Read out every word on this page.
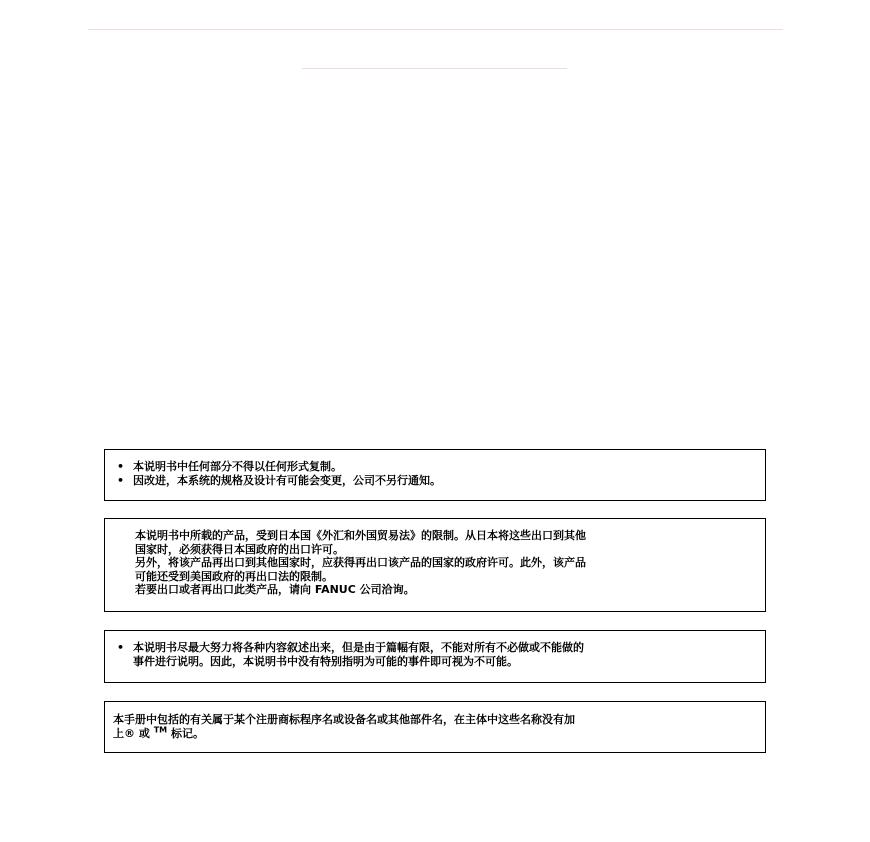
• 本说明书中任何部分不得以任何形式复制。
• 因改进，本系统的规格及设计有可能会变更，公司不另行通知。
本说明书中所载的产品，受到日本国《外汇和外国贸易法》的限制。从日本将这些出口到其他
国家时，必须获得日本国政府的出口许可。
另外，将该产品再出口到其他国家时，应获得再出口该产品的国家的政府许可。此外，该产品
可能还受到美国政府的再出口法的限制。
若要出口或者再出口此类产品，请向 FANUC 公司洽询。
• 本说明书尽最大努力将各种内容叙述出来，但是由于篇幅有限，不能对所有不必做或不能做的
事件进行说明。因此，本说明书中没有特别指明为可能的事件即可视为不可能。
本手册中包括的有关属于某个注册商标程序名或设备名或其他部件名，在主体中这些名称没有加
上® 或 ™ 标记。
